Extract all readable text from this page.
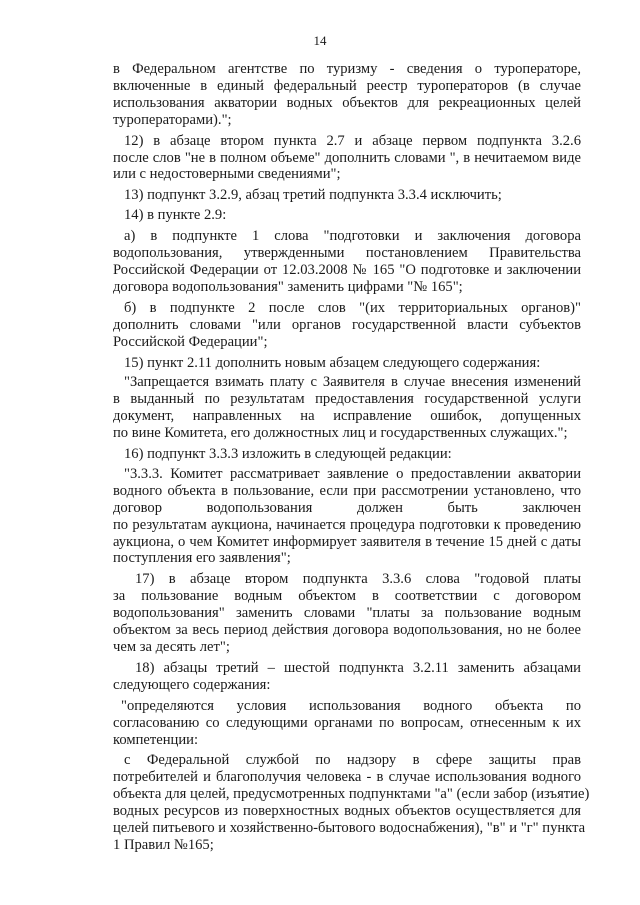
14
в Федеральном агентстве по туризму - сведения о туроператоре,
включенные в единый федеральный реестр туроператоров (в случае
использования акватории водных объектов для рекреационных целей
туроператорами).";
12) в абзаце втором пункта 2.7 и абзаце первом подпункта 3.2.6
после слов "не в полном объеме" дополнить словами ", в нечитаемом виде
или с недостоверными сведениями";
13) подпункт 3.2.9, абзац третий подпункта 3.3.4 исключить;
14) в пункте 2.9:
а) в подпункте 1 слова "подготовки и заключения договора
водопользования, утвержденными постановлением Правительства
Российской Федерации от 12.03.2008 № 165 "О подготовке и заключении
договора водопользования" заменить цифрами "№ 165";
б) в подпункте 2 после слов "(их территориальных органов)"
дополнить словами "или органов государственной власти субъектов
Российской Федерации";
15) пункт 2.11 дополнить новым абзацем следующего содержания:
"Запрещается взимать плату с Заявителя в случае внесения изменений
в выданный по результатам предоставления государственной услуги
документ, направленных на исправление ошибок, допущенных
по вине Комитета, его должностных лиц и государственных служащих.";
16) подпункт 3.3.3 изложить в следующей редакции:
"3.3.3. Комитет рассматривает заявление о предоставлении акватории
водного объекта в пользование, если при рассмотрении установлено, что
договор водопользования должен быть заключен
по результатам аукциона, начинается процедура подготовки к проведению
аукциона, о чем Комитет информирует заявителя в течение 15 дней с даты
поступления его заявления";
17) в абзаце втором подпункта 3.3.6 слова "годовой платы
за пользование водным объектом в соответствии с договором
водопользования" заменить словами "платы за пользование водным
объектом за весь период действия договора водопользования, но не более
чем за десять лет";
18) абзацы третий – шестой подпункта 3.2.11 заменить абзацами
следующего содержания:
"определяются условия использования водного объекта по
согласованию со следующими органами по вопросам, отнесенным к их
компетенции:
с Федеральной службой по надзору в сфере защиты прав
потребителей и благополучия человека - в случае использования водного
объекта для целей, предусмотренных подпунктами "а" (если забор (изъятие)
водных ресурсов из поверхностных водных объектов осуществляется для
целей питьевого и хозяйственно-бытового водоснабжения), "в" и "г" пункта
1 Правил №165;
